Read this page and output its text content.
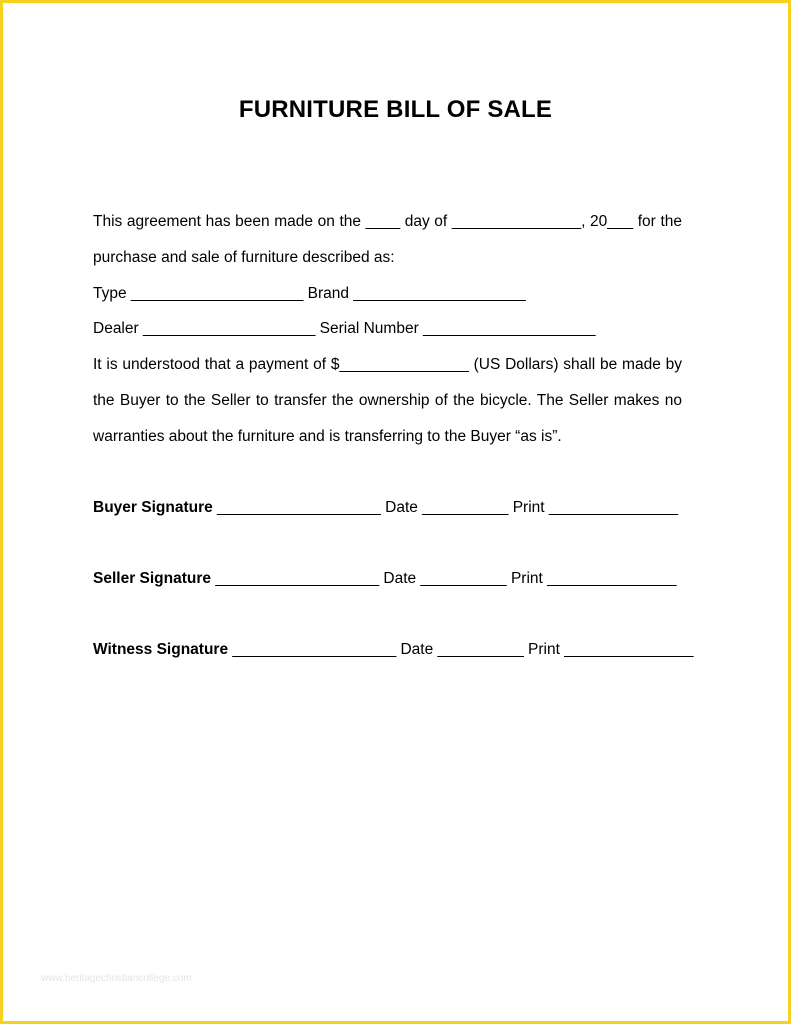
FURNITURE BILL OF SALE

This agreement has been made on the ____ day of _______________, 20___ for the

purchase and sale of furniture described as:

Type ____________________ Brand ____________________

Dealer ____________________ Serial Number ____________________

It is understood that a payment of $_______________ (US Dollars) shall be made by

the Buyer to the Seller to transfer the ownership of the bicycle. The Seller makes no

warranties about the furniture and is transferring to the Buyer “as is”.

Buyer Signature ___________________ Date __________ Print _______________

Seller Signature ___________________ Date __________ Print _______________

Witness Signature ___________________ Date __________ Print _______________

www.heritagechristiancollege.com
